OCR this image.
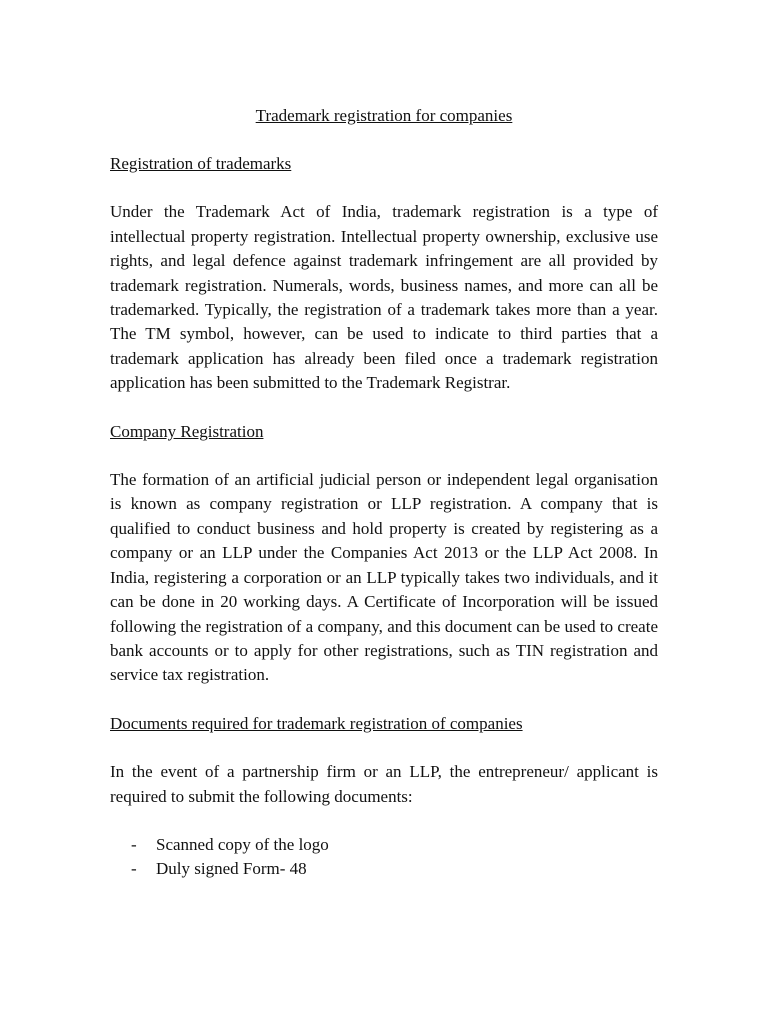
Trademark registration for companies

Registration of trademarks

Under the Trademark Act of India, trademark registration is a type of intellectual property registration. Intellectual property ownership, exclusive use rights, and legal defence against trademark infringement are all provided by trademark registration. Numerals, words, business names, and more can all be trademarked. Typically, the registration of a trademark takes more than a year. The TM symbol, however, can be used to indicate to third parties that a trademark application has already been filed once a trademark registration application has been submitted to the Trademark Registrar.

Company Registration

The formation of an artificial judicial person or independent legal organisation is known as company registration or LLP registration. A company that is qualified to conduct business and hold property is created by registering as a company or an LLP under the Companies Act 2013 or the LLP Act 2008. In India, registering a corporation or an LLP typically takes two individuals, and it can be done in 20 working days. A Certificate of Incorporation will be issued following the registration of a company, and this document can be used to create bank accounts or to apply for other registrations, such as TIN registration and service tax registration.

Documents required for trademark registration of companies

In the event of a partnership firm or an LLP, the entrepreneur/ applicant is required to submit the following documents:

- Scanned copy of the logo
- Duly signed Form- 48
